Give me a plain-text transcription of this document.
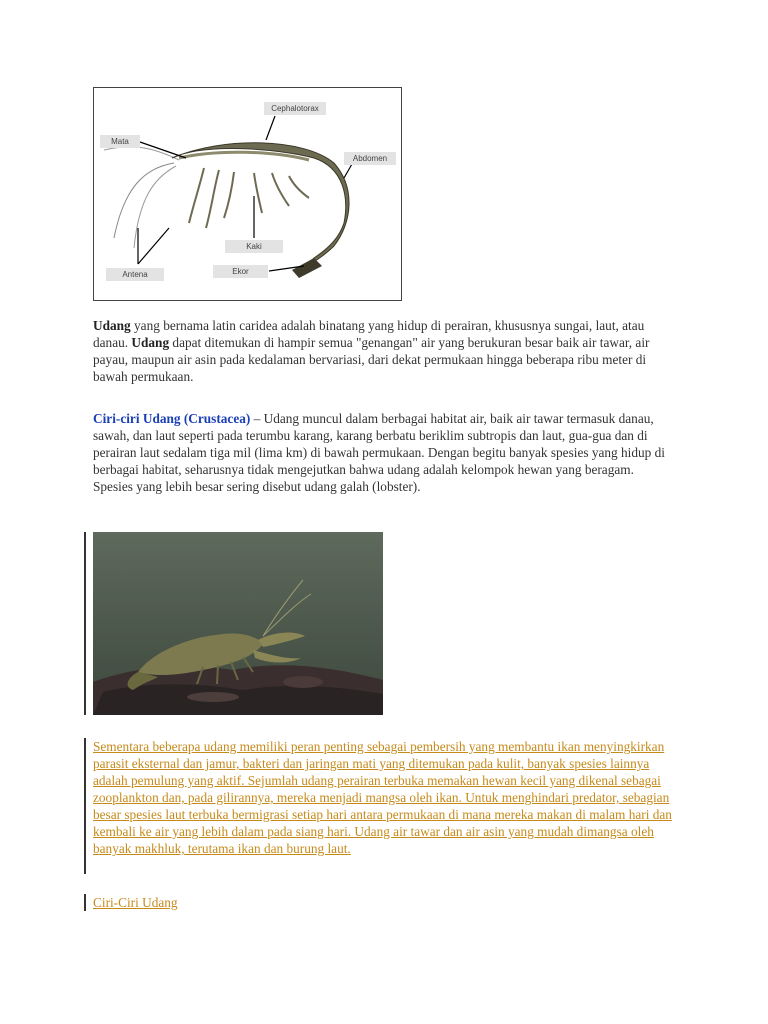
Mata
Cephalotorax
Abdomen
Kaki
Antena	Ekor

Udang yang bernama latin caridea adalah binatang yang hidup di perairan, khususnya sungai, laut, atau danau. Udang dapat ditemukan di hampir semua "genangan" air yang berukuran besar baik air tawar, air payau, maupun air asin pada kedalaman bervariasi, dari dekat permukaan hingga beberapa ribu meter di bawah permukaan.

Ciri-ciri Udang (Crustacea) – Udang muncul dalam berbagai habitat air, baik air tawar termasuk danau, sawah, dan laut seperti pada terumbu karang, karang berbatu beriklim subtropis dan laut, gua-gua dan di perairan laut sedalam tiga mil (lima km) di bawah permukaan. Dengan begitu banyak spesies yang hidup di berbagai habitat, seharusnya tidak mengejutkan bahwa udang adalah kelompok hewan yang beragam. Spesies yang lebih besar sering disebut udang galah (lobster).

Sementara beberapa udang memiliki peran penting sebagai pembersih yang membantu ikan menyingkirkan parasit eksternal dan jamur, bakteri dan jaringan mati yang ditemukan pada kulit, banyak spesies lainnya adalah pemulung yang aktif. Sejumlah udang perairan terbuka memakan hewan kecil yang dikenal sebagai zooplankton dan, pada gilirannya, mereka menjadi mangsa oleh ikan. Untuk menghindari predator, sebagian besar spesies laut terbuka bermigrasi setiap hari antara permukaan di mana mereka makan di malam hari dan kembali ke air yang lebih dalam pada siang hari. Udang air tawar dan air asin yang mudah dimangsa oleh banyak makhluk, terutama ikan dan burung laut.

Ciri-Ciri Udang
